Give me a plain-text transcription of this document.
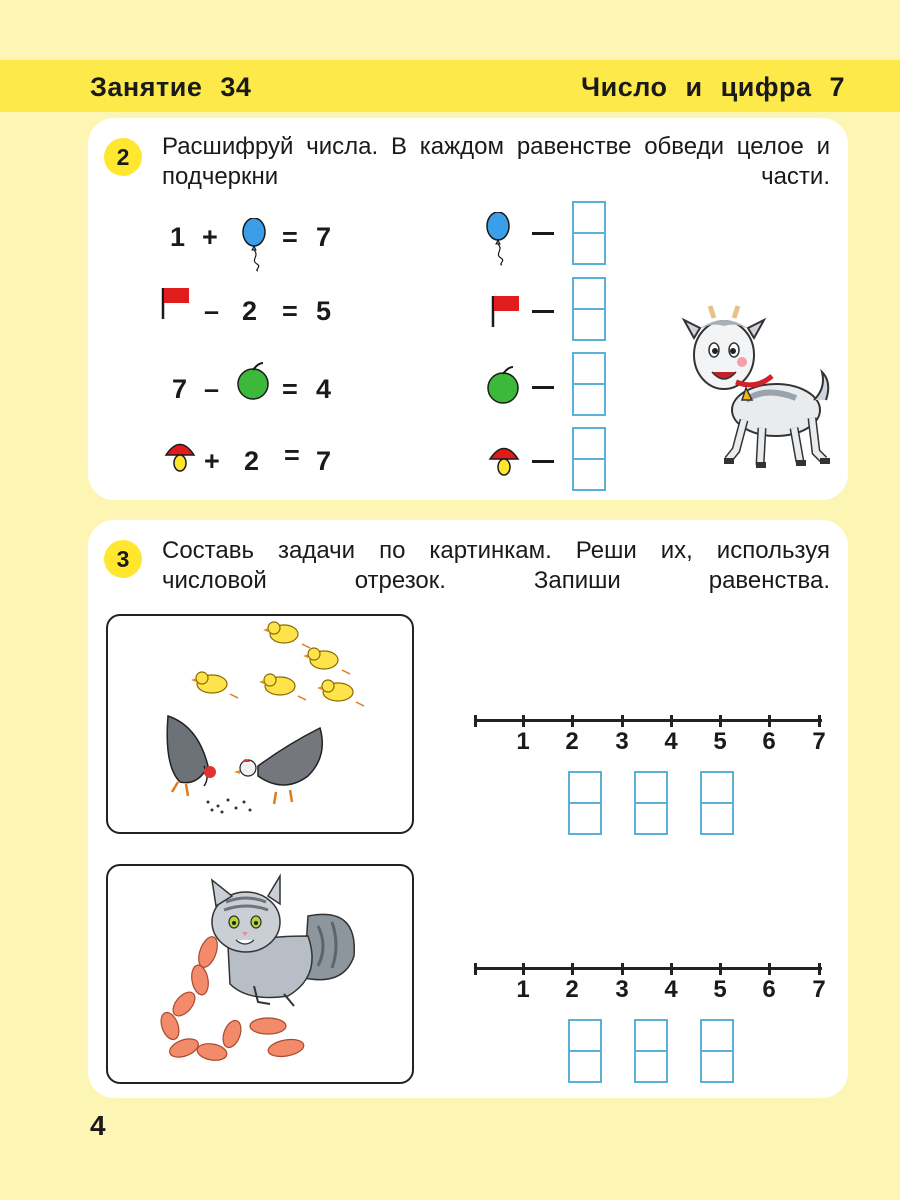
Занятие 34	Число и цифра 7
2	Расшифруй числа. В каждом равенстве обведи целое и подчеркни части.
1 + = 7
– 2 = 5
7 – = 4
+ 2 = 7
3	Составь задачи по картинкам. Реши их, используя числовой отрезок. Запиши равенства.
1 2 3 4 5 6 7
1 2 3 4 5 6 7
4
